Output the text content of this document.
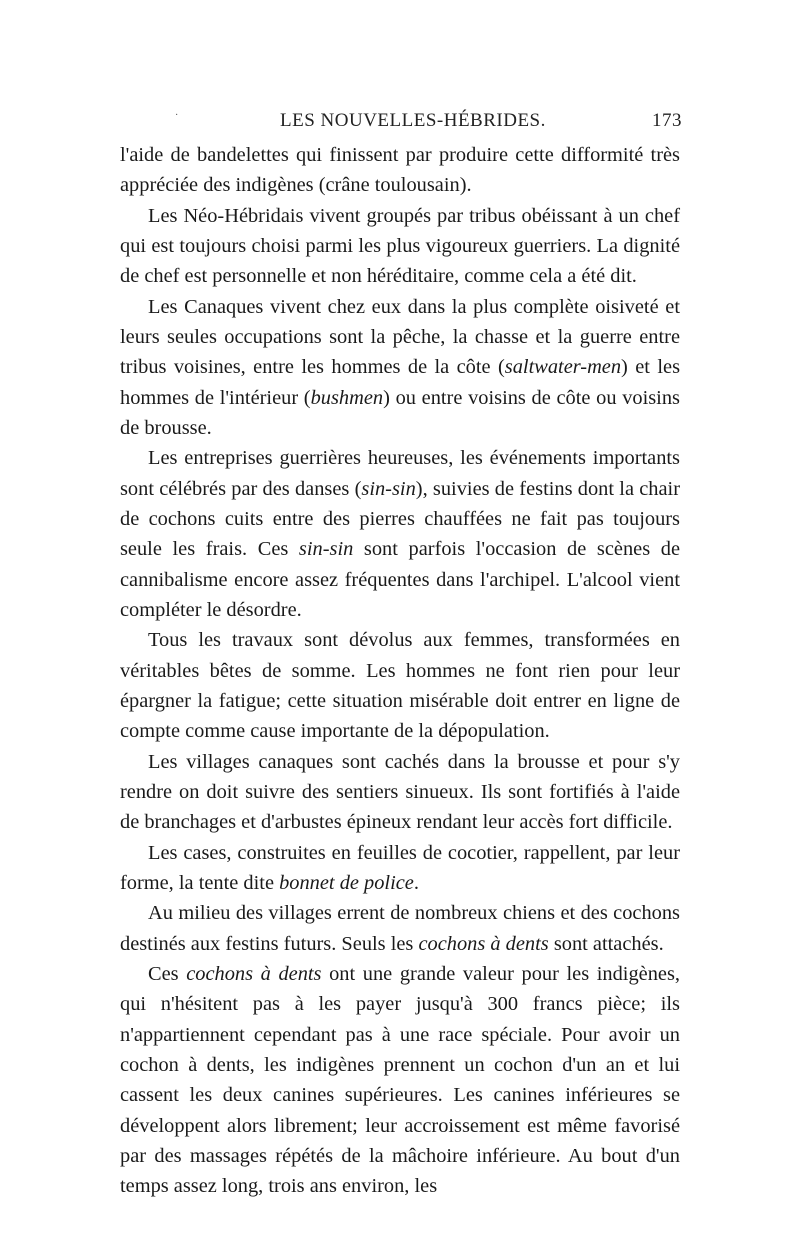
·	LES NOUVELLES-HÉBRIDES.	173

l'aide de bandelettes qui finissent par produire cette difformité très appréciée des indigènes (crâne toulousain).

Les Néo-Hébridais vivent groupés par tribus obéissant à un chef qui est toujours choisi parmi les plus vigoureux guerriers. La dignité de chef est personnelle et non héréditaire, comme cela a été dit.

Les Canaques vivent chez eux dans la plus complète oisiveté et leurs seules occupations sont la pêche, la chasse et la guerre entre tribus voisines, entre les hommes de la côte (saltwater-men) et les hommes de l'intérieur (bushmen) ou entre voisins de côte ou voisins de brousse.

Les entreprises guerrières heureuses, les événements importants sont célébrés par des danses (sin-sin), suivies de festins dont la chair de cochons cuits entre des pierres chauffées ne fait pas toujours seule les frais. Ces sin-sin sont parfois l'occasion de scènes de cannibalisme encore assez fréquentes dans l'archipel. L'alcool vient compléter le désordre.

Tous les travaux sont dévolus aux femmes, transformées en véritables bêtes de somme. Les hommes ne font rien pour leur épargner la fatigue; cette situation misérable doit entrer en ligne de compte comme cause importante de la dépopulation.

Les villages canaques sont cachés dans la brousse et pour s'y rendre on doit suivre des sentiers sinueux. Ils sont fortifiés à l'aide de branchages et d'arbustes épineux rendant leur accès fort difficile.

Les cases, construites en feuilles de cocotier, rappellent, par leur forme, la tente dite bonnet de police.

Au milieu des villages errent de nombreux chiens et des cochons destinés aux festins futurs. Seuls les cochons à dents sont attachés.

Ces cochons à dents ont une grande valeur pour les indigènes, qui n'hésitent pas à les payer jusqu'à 300 francs pièce; ils n'appartiennent cependant pas à une race spéciale. Pour avoir un cochon à dents, les indigènes prennent un cochon d'un an et lui cassent les deux canines supérieures. Les canines inférieures se développent alors librement; leur accroissement est même favorisé par des massages répétés de la mâchoire inférieure. Au bout d'un temps assez long, trois ans environ, les
